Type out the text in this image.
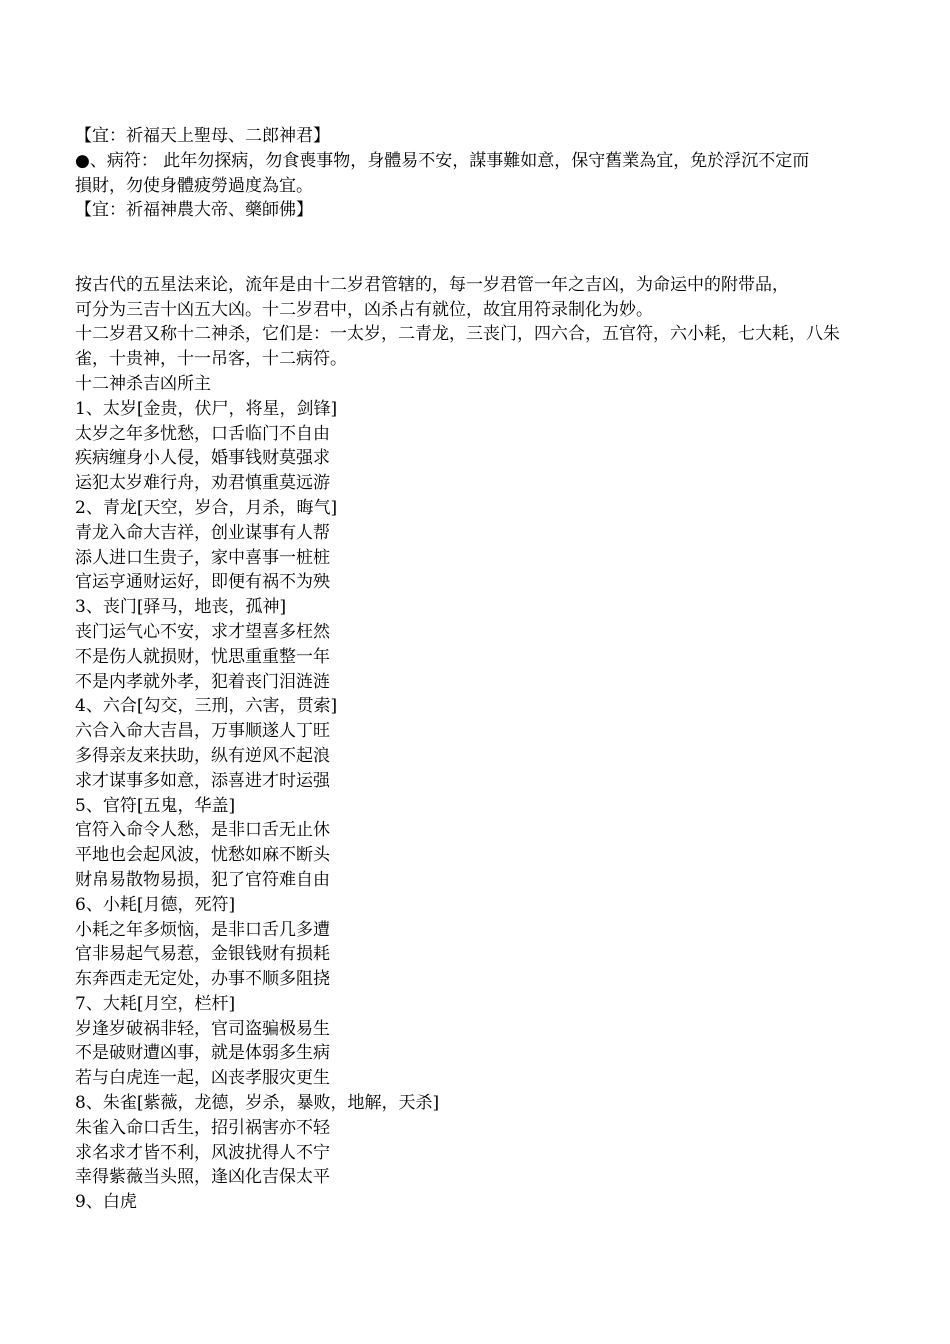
【宜：祈福天上聖母、二郎神君】
●、病符： 此年勿探病，勿食喪事物，身體易不安，謀事難如意，保守舊業為宜，免於浮沉不定而
損財，勿使身體疲勞過度為宜。
【宜：祈福神農大帝、藥師佛】
按古代的五星法来论，流年是由十二岁君管辖的，每一岁君管一年之吉凶，为命运中的附带品，
可分为三吉十凶五大凶。十二岁君中，凶杀占有就位，故宜用符录制化为妙。
十二岁君又称十二神杀，它们是：一太岁，二青龙，三丧门，四六合，五官符，六小耗，七大耗，八朱
雀，十贵神，十一吊客，十二病符。
十二神杀吉凶所主
1、太岁[金贵，伏尸，将星，剑锋]
太岁之年多忧愁，口舌临门不自由
疾病缠身小人侵，婚事钱财莫强求
运犯太岁难行舟，劝君慎重莫远游
2、青龙[天空，岁合，月杀，晦气]
青龙入命大吉祥，创业谋事有人帮
添人进口生贵子，家中喜事一桩桩
官运亨通财运好，即便有祸不为殃
3、丧门[驿马，地丧，孤神]
丧门运气心不安，求才望喜多枉然
不是伤人就损财，忧思重重整一年
不是内孝就外孝，犯着丧门泪涟涟
4、六合[勾交，三刑，六害，贯索]
六合入命大吉昌，万事顺遂人丁旺
多得亲友来扶助，纵有逆风不起浪
求才谋事多如意，添喜进才时运强
5、官符[五鬼，华盖]
官符入命令人愁，是非口舌无止休
平地也会起风波，忧愁如麻不断头
财帛易散物易损，犯了官符难自由
6、小耗[月德，死符]
小耗之年多烦恼，是非口舌几多遭
官非易起气易惹，金银钱财有损耗
东奔西走无定处，办事不顺多阻挠
7、大耗[月空，栏杆]
岁逢岁破祸非轻，官司盗骗极易生
不是破财遭凶事，就是体弱多生病
若与白虎连一起，凶丧孝服灾更生
8、朱雀[紫薇，龙德，岁杀，暴败，地解，天杀]
朱雀入命口舌生，招引祸害亦不轻
求名求才皆不利，风波扰得人不宁
幸得紫薇当头照，逢凶化吉保太平
9、白虎
